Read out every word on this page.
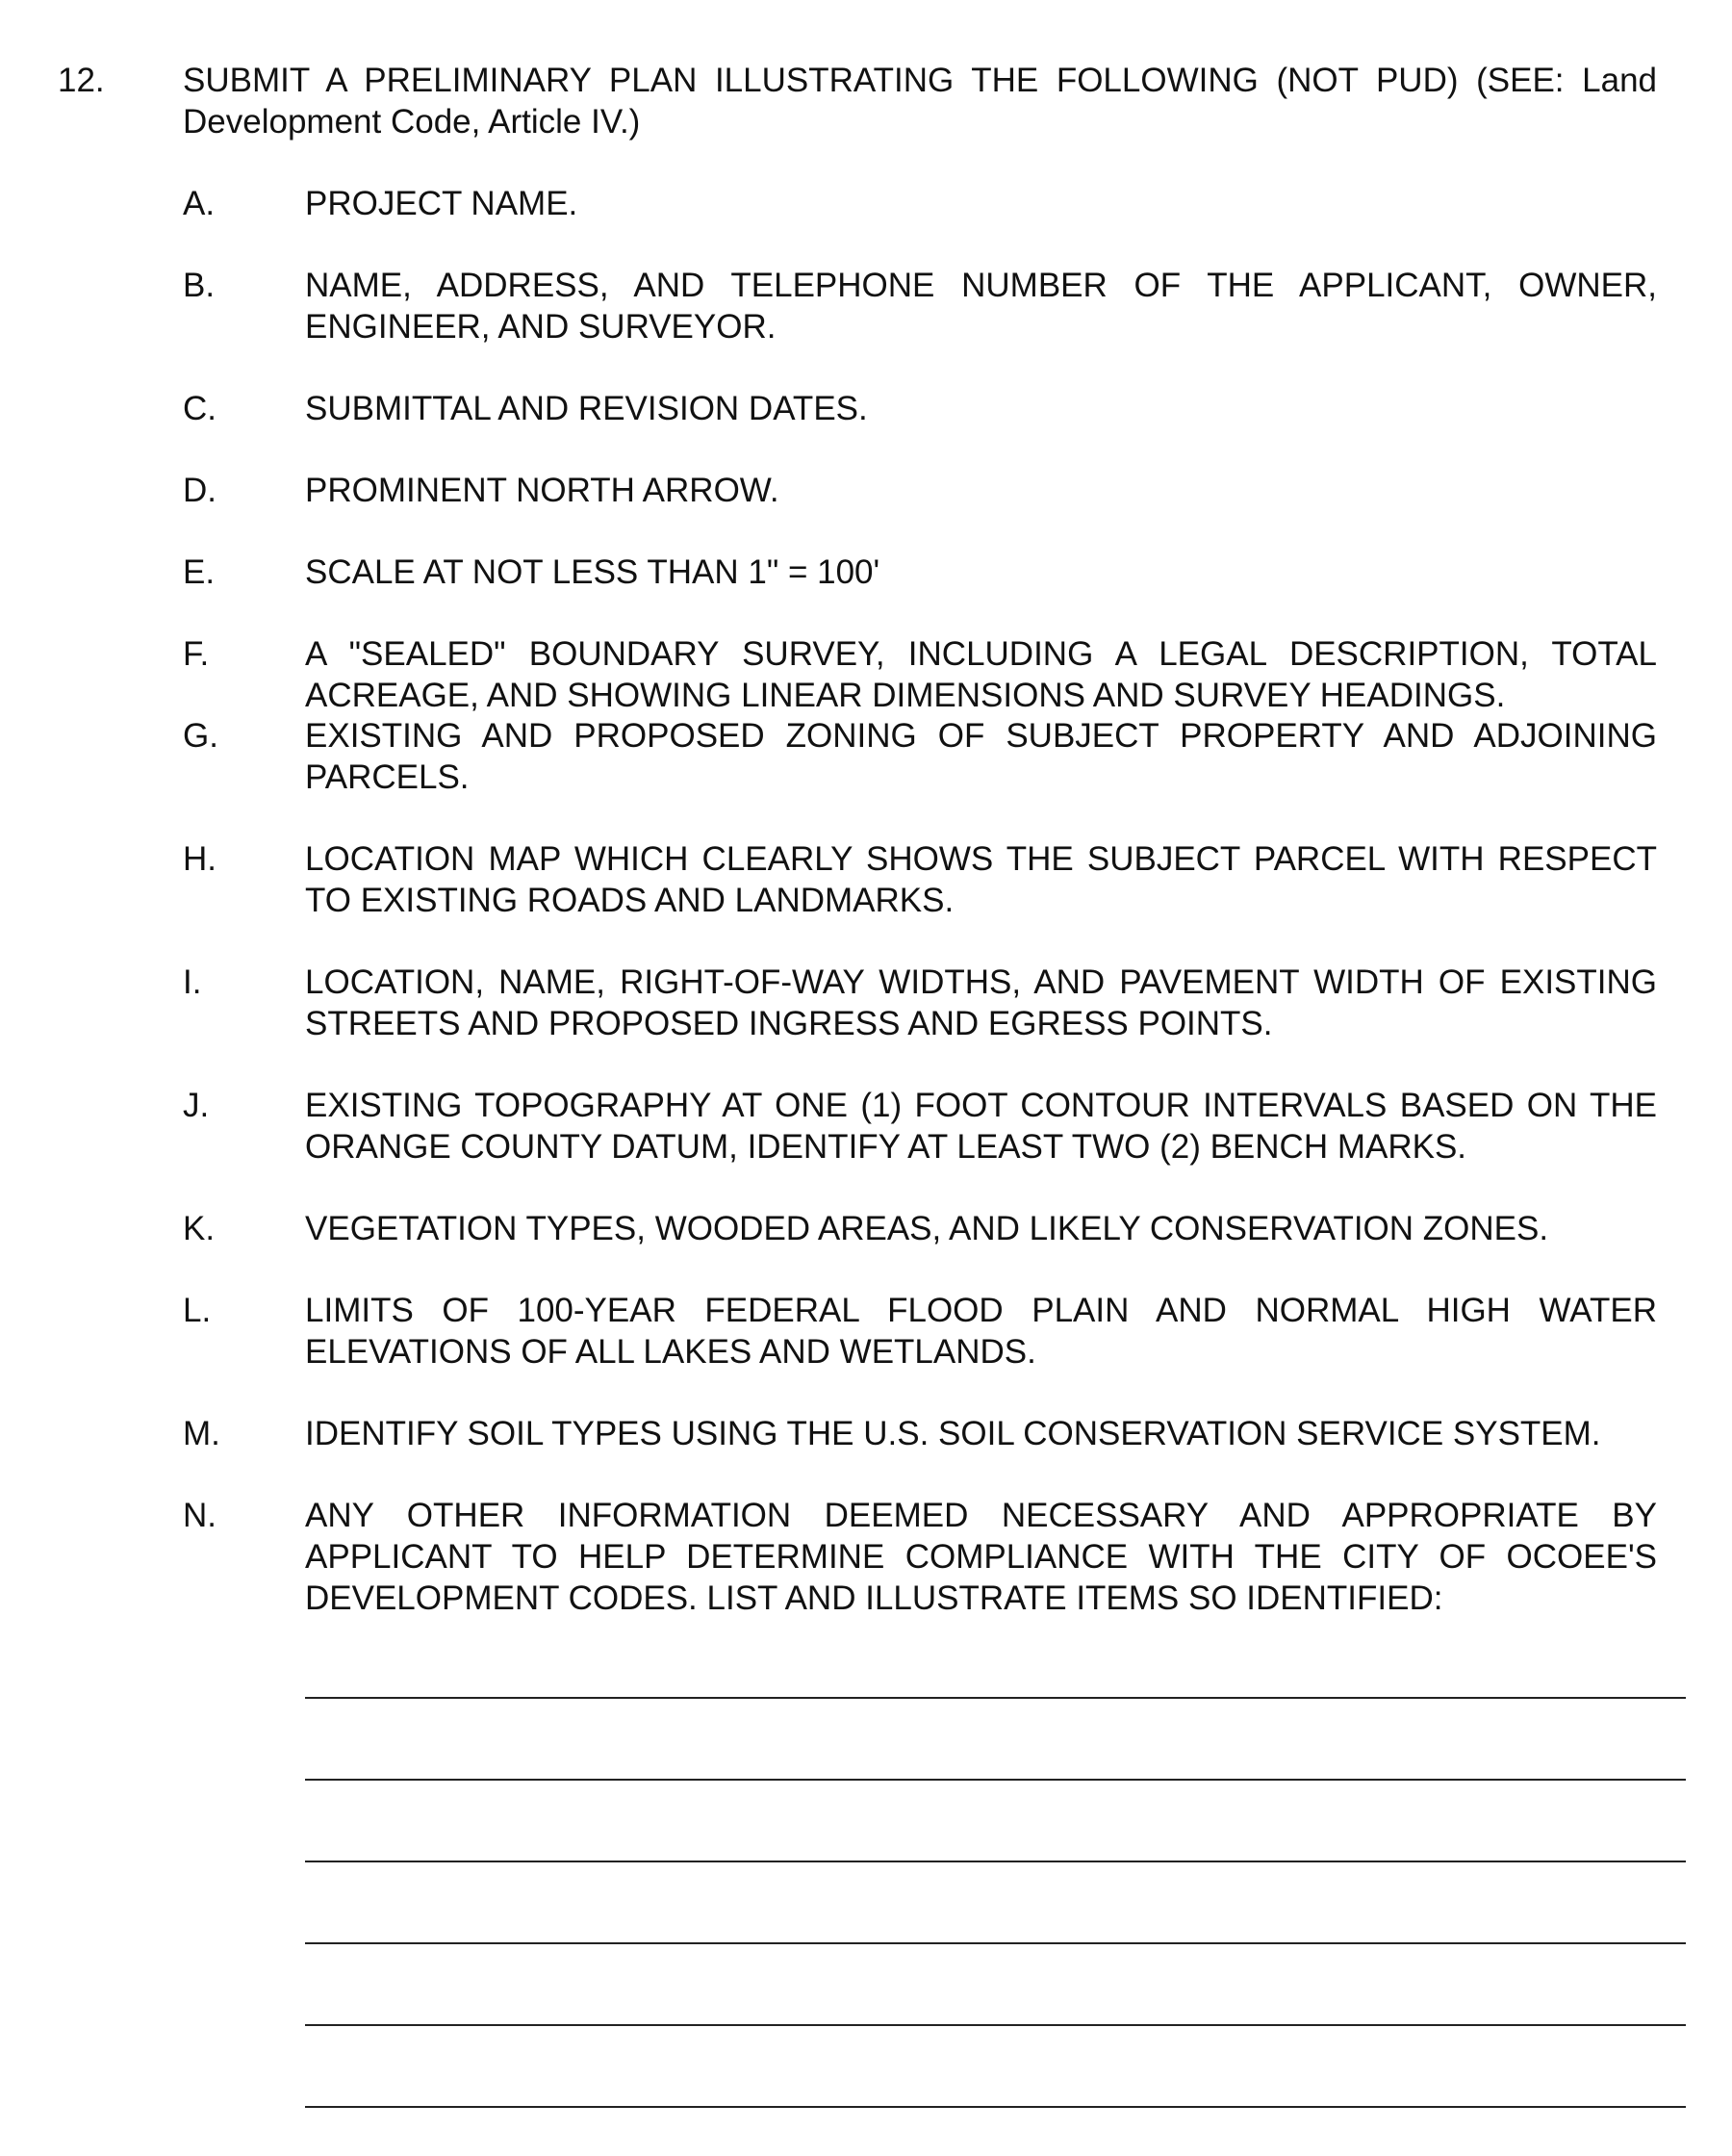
12. SUBMIT A PRELIMINARY PLAN ILLUSTRATING THE FOLLOWING (NOT PUD) (SEE: Land Development Code, Article IV.)
A.	PROJECT NAME.
B.	NAME, ADDRESS, AND TELEPHONE NUMBER OF THE APPLICANT, OWNER, ENGINEER, AND SURVEYOR.
C.	SUBMITTAL AND REVISION DATES.
D.	PROMINENT NORTH ARROW.
E.	SCALE AT NOT LESS THAN 1" = 100'
F.	A "SEALED" BOUNDARY SURVEY, INCLUDING A LEGAL DESCRIPTION, TOTAL ACREAGE, AND SHOWING LINEAR DIMENSIONS AND SURVEY HEADINGS.
G.	EXISTING AND PROPOSED ZONING OF SUBJECT PROPERTY AND ADJOINING PARCELS.
H.	LOCATION MAP WHICH CLEARLY SHOWS THE SUBJECT PARCEL WITH RESPECT TO EXISTING ROADS AND LANDMARKS.
I.	LOCATION, NAME, RIGHT-OF-WAY WIDTHS, AND PAVEMENT WIDTH OF EXISTING STREETS AND PROPOSED INGRESS AND EGRESS POINTS.
J.	EXISTING TOPOGRAPHY AT ONE (1) FOOT CONTOUR INTERVALS BASED ON THE ORANGE COUNTY DATUM, IDENTIFY AT LEAST TWO (2) BENCH MARKS.
K.	VEGETATION TYPES, WOODED AREAS, AND LIKELY CONSERVATION ZONES.
L.	LIMITS OF 100-YEAR FEDERAL FLOOD PLAIN AND NORMAL HIGH WATER ELEVATIONS OF ALL LAKES AND WETLANDS.
M.	IDENTIFY SOIL TYPES USING THE U.S. SOIL CONSERVATION SERVICE SYSTEM.
N.	ANY OTHER INFORMATION DEEMED NECESSARY AND APPROPRIATE BY APPLICANT TO HELP DETERMINE COMPLIANCE WITH THE CITY OF OCOEE'S DEVELOPMENT CODES. LIST AND ILLUSTRATE ITEMS SO IDENTIFIED:
